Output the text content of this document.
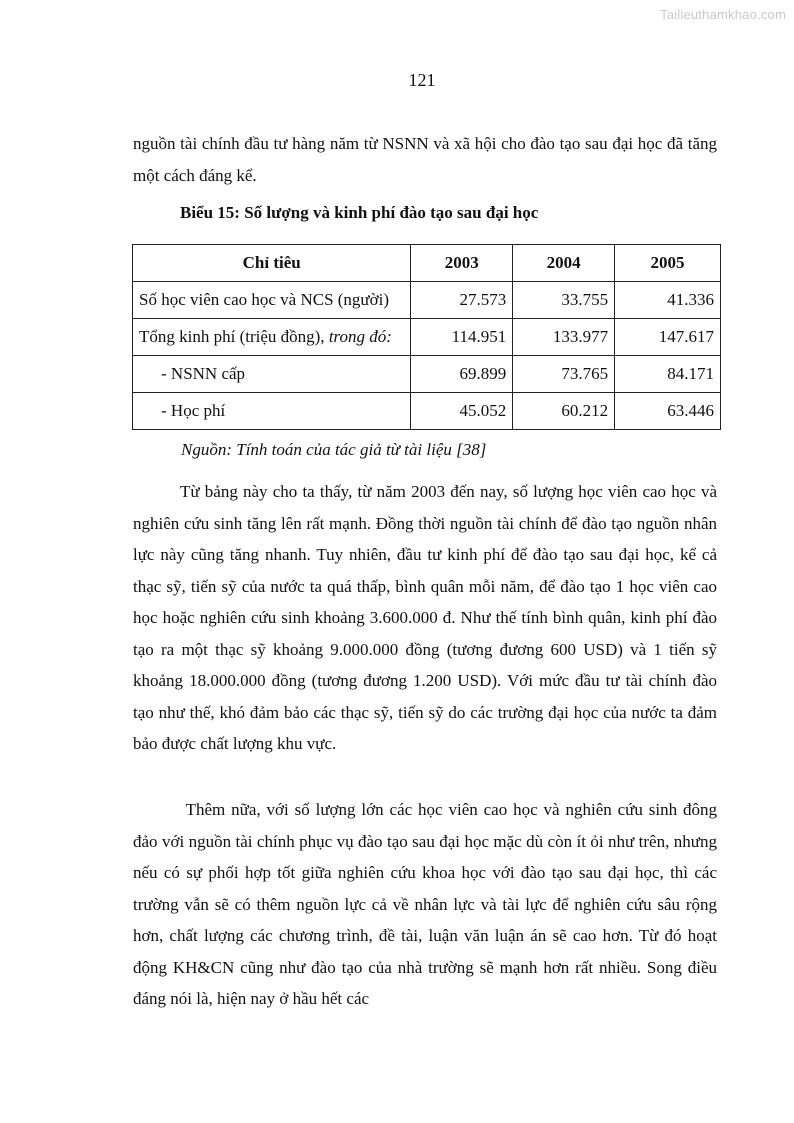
Tailieuthamkhao.com
121

nguồn tài chính đầu tư hàng năm từ NSNN và xã hội cho đào tạo sau đại học đã tăng một cách đáng kể.

Biểu 15: Số lượng và kinh phí đào tạo sau đại học
Chỉ tiêu	2003	2004	2005
Số học viên cao học và NCS (người)	27.573	33.755	41.336
Tổng kinh phí (triệu đồng), trong đó:	114.951	133.977	147.617
- NSNN cấp	69.899	73.765	84.171
- Học phí	45.052	60.212	63.446
Nguồn: Tính toán của tác giả từ tài liệu [38]

Từ bảng này cho ta thấy, từ năm 2003 đến nay, số lượng học viên cao học và nghiên cứu sinh tăng lên rất mạnh. Đồng thời nguồn tài chính để đào tạo nguồn nhân lực này cũng tăng nhanh. Tuy nhiên, đầu tư kinh phí để đào tạo sau đại học, kể cả thạc sỹ, tiến sỹ của nước ta quá thấp, bình quân mỗi năm, để đào tạo 1 học viên cao học hoặc nghiên cứu sinh khoảng 3.600.000 đ. Như thế tính bình quân, kinh phí đào tạo ra một thạc sỹ khoảng 9.000.000 đồng (tương đương 600 USD) và 1 tiến sỹ khoảng 18.000.000 đồng (tương đương 1.200 USD). Với mức đầu tư tài chính đào tạo như thế, khó đảm bảo các thạc sỹ, tiến sỹ do các trường đại học của nước ta đảm bảo được chất lượng khu vực.

Thêm nữa, với số lượng lớn các học viên cao học và nghiên cứu sinh đông đảo với nguồn tài chính phục vụ đào tạo sau đại học mặc dù còn ít ỏi như trên, nhưng nếu có sự phối hợp tốt giữa nghiên cứu khoa học với đào tạo sau đại học, thì các trường vẫn sẽ có thêm nguồn lực cả về nhân lực và tài lực để nghiên cứu sâu rộng hơn, chất lượng các chương trình, đề tài, luận văn luận án sẽ cao hơn. Từ đó hoạt động KH&CN cũng như đào tạo của nhà trường sẽ mạnh hơn rất nhiều. Song điều đáng nói là, hiện nay ở hầu hết các
